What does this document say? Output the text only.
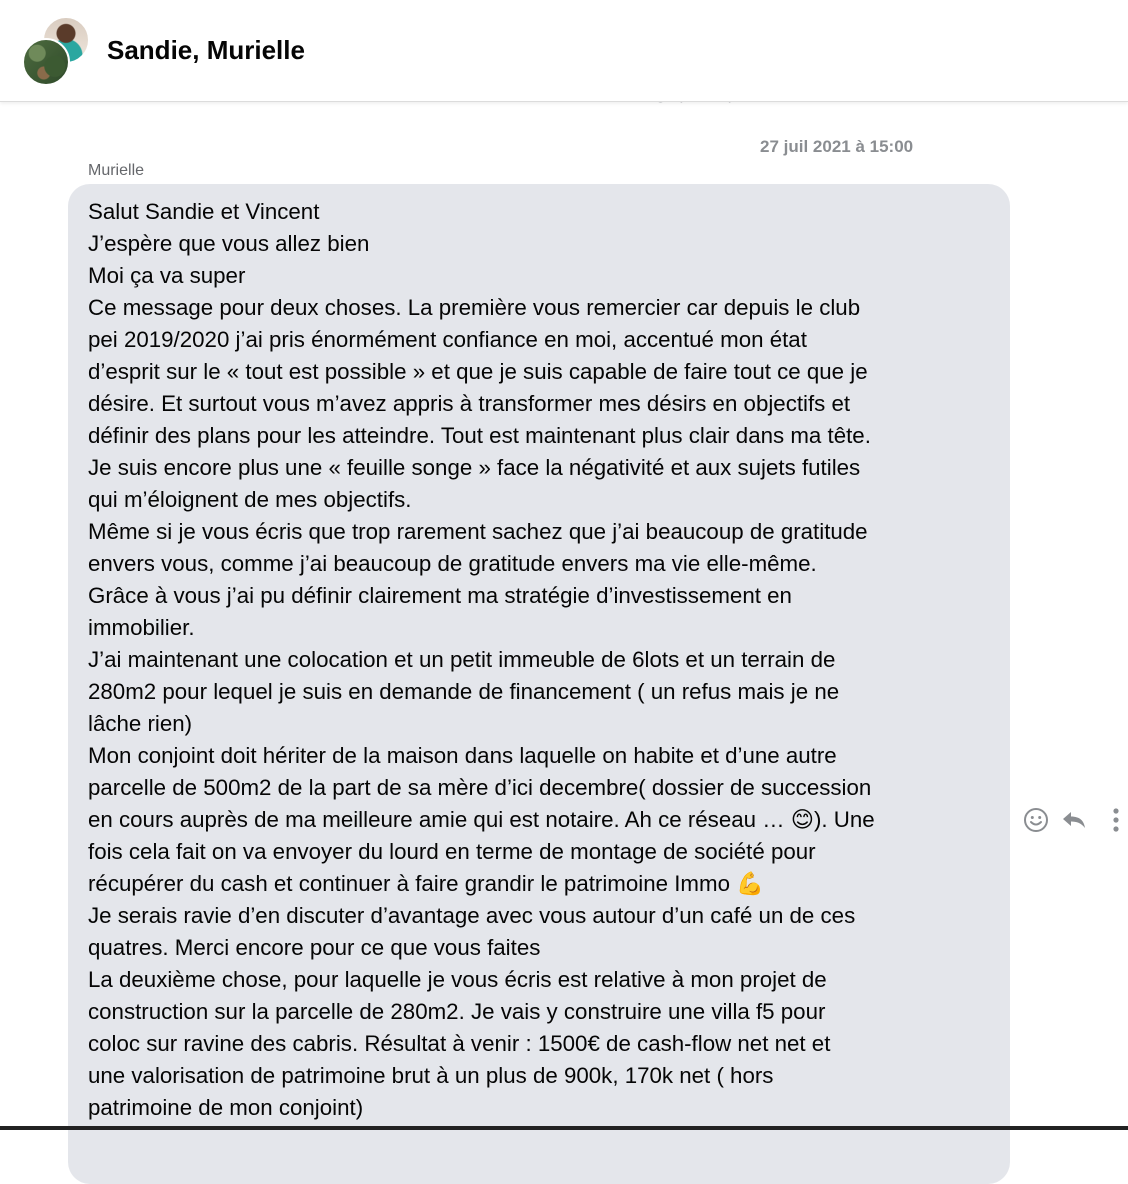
Sandie, Murielle
27 juil 2021 à 15:00
Murielle
Salut Sandie et Vincent
J’espère que vous allez bien
Moi ça va super
Ce message pour deux choses. La première vous remercier car depuis le club
pei 2019/2020 j’ai pris énormément confiance en moi, accentué mon état
d’esprit sur le « tout est possible » et que je suis capable de faire tout ce que je
désire. Et surtout vous m’avez appris à transformer mes désirs en objectifs et
définir des plans pour les atteindre. Tout est maintenant plus clair dans ma tête.
Je suis encore plus une « feuille songe » face la négativité et aux sujets futiles
qui m’éloignent de mes objectifs.
Même si je vous écris que trop rarement sachez que j’ai beaucoup de gratitude
envers vous, comme j’ai beaucoup de gratitude envers ma vie elle-même.
Grâce à vous j’ai pu définir clairement ma stratégie d’investissement en
immobilier.
J’ai maintenant une colocation et un petit immeuble de 6lots et un terrain de
280m2 pour lequel je suis en demande de financement ( un refus mais je ne
lâche rien)
Mon conjoint doit hériter de la maison dans laquelle on habite et d’une autre
parcelle de 500m2 de la part de sa mère d’ici decembre( dossier de succession
en cours auprès de ma meilleure amie qui est notaire. Ah ce réseau … 😊). Une
fois cela fait on va envoyer du lourd en terme de montage de société pour
récupérer du cash et continuer à faire grandir le patrimoine Immo 💪
Je serais ravie d’en discuter d’avantage avec vous autour d’un café un de ces
quatres. Merci encore pour ce que vous faites
La deuxième chose, pour laquelle je vous écris est relative à mon projet de
construction sur la parcelle de 280m2. Je vais y construire une villa f5 pour
coloc sur ravine des cabris. Résultat à venir : 1500€ de cash-flow net net et
une valorisation de patrimoine brut à un plus de 900k, 170k net ( hors
patrimoine de mon conjoint)
